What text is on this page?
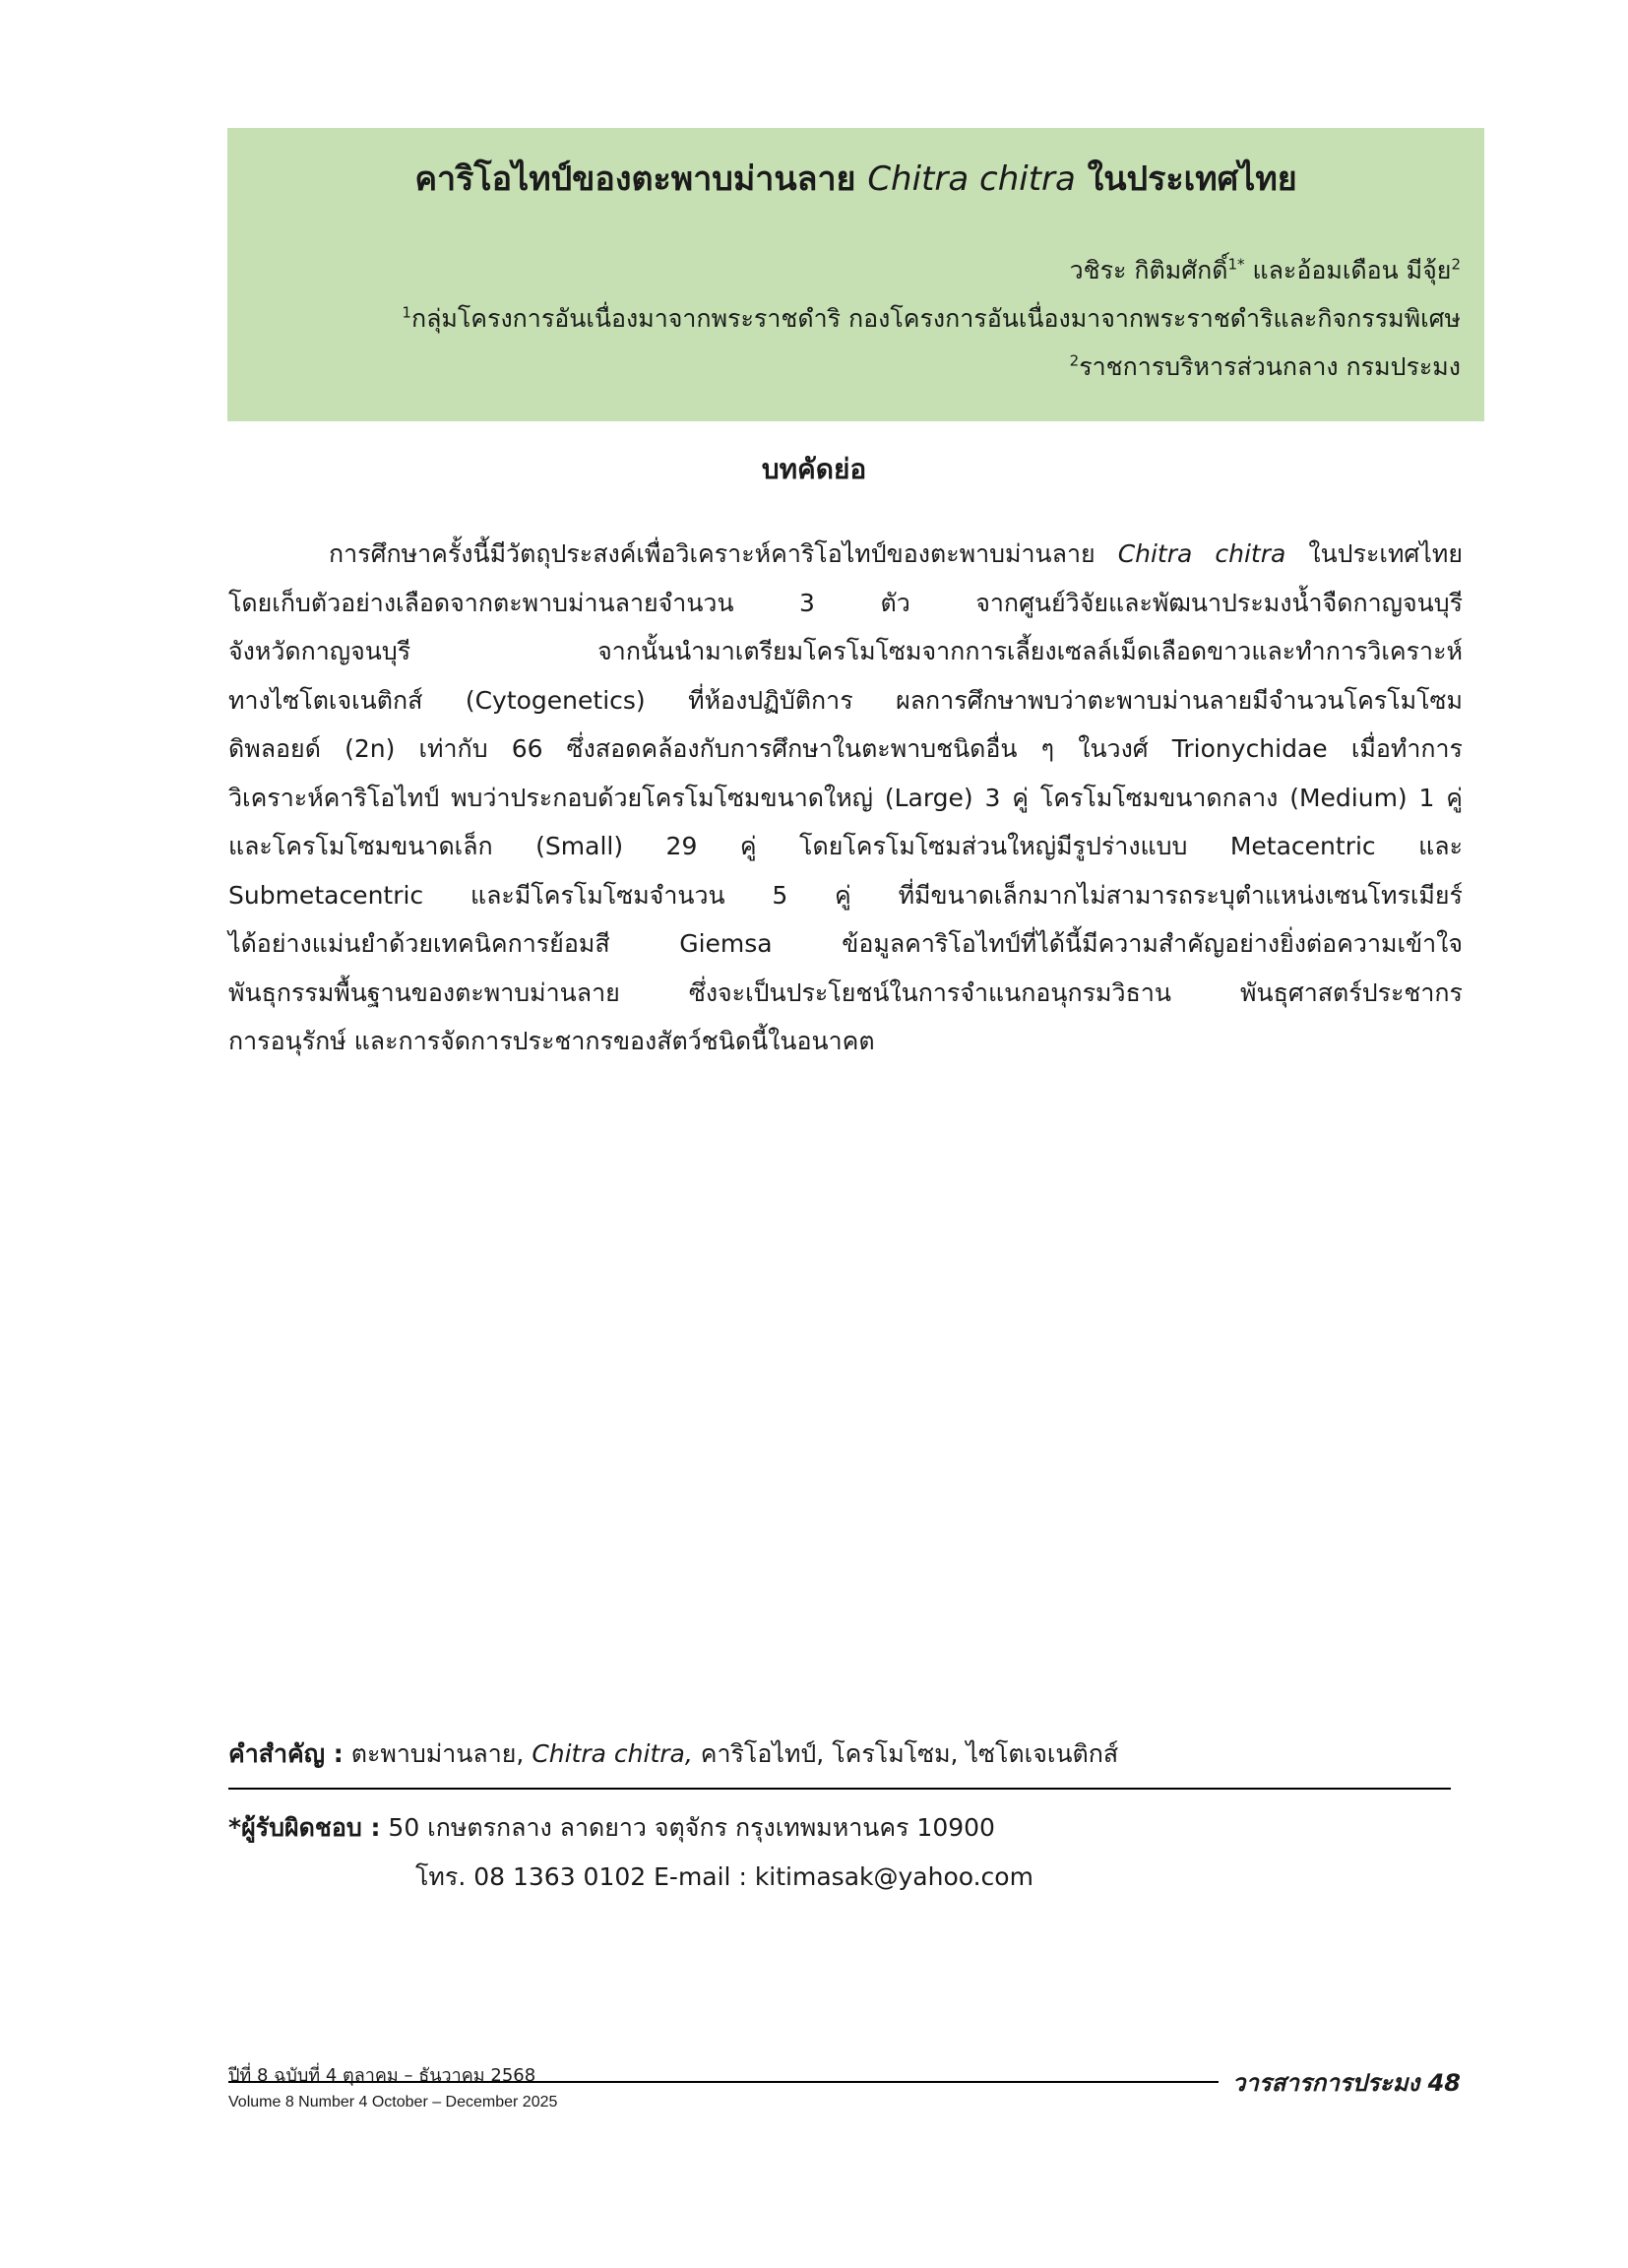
คาริโอไทป์ของตะพาบม่านลาย Chitra chitra ในประเทศไทย
วชิระ กิติมศักดิ์$^{1*}$ และอ้อมเดือน มีจุ้ย$^2$
$^1$กลุ่มโครงการอันเนื่องมาจากพระราชดำริ กองโครงการอันเนื่องมาจากพระราชดำริและกิจกรรมพิเศษ
$^2$ราชการบริหารส่วนกลาง กรมประมง
บทคัดย่อ
การศึกษาครั้งนี้มีวัตถุประสงค์เพื่อวิเคราะห์คาริโอไทป์ของตะพาบม่านลาย Chitra chitra ในประเทศไทย
โดยเก็บตัวอย่างเลือดจากตะพาบม่านลายจำนวน 3 ตัว จากศูนย์วิจัยและพัฒนาประมงน้ำจืดกาญจนบุรี
จังหวัดกาญจนบุรี จากนั้นนำมาเตรียมโครโมโซมจากการเลี้ยงเซลล์เม็ดเลือดขาวและทำการวิเคราะห์
ทางไซโตเจเนติกส์ (Cytogenetics) ที่ห้องปฏิบัติการ ผลการศึกษาพบว่าตะพาบม่านลายมีจำนวนโครโมโซม
ดิพลอยด์ (2n) เท่ากับ 66 ซึ่งสอดคล้องกับการศึกษาในตะพาบชนิดอื่น ๆ ในวงศ์ Trionychidae เมื่อทำการ
วิเคราะห์คาริโอไทป์ พบว่าประกอบด้วยโครโมโซมขนาดใหญ่ (Large) 3 คู่ โครโมโซมขนาดกลาง (Medium) 1 คู่
และโครโมโซมขนาดเล็ก (Small) 29 คู่ โดยโครโมโซมส่วนใหญ่มีรูปร่างแบบ Metacentric และ
Submetacentric และมีโครโมโซมจำนวน 5 คู่ ที่มีขนาดเล็กมากไม่สามารถระบุตำแหน่งเซนโทรเมียร์
ได้อย่างแม่นยำด้วยเทคนิคการย้อมสี Giemsa ข้อมูลคาริโอไทป์ที่ได้นี้มีความสำคัญอย่างยิ่งต่อความเข้าใจ
พันธุกรรมพื้นฐานของตะพาบม่านลาย ซึ่งจะเป็นประโยชน์ในการจำแนกอนุกรมวิธาน พันธุศาสตร์ประชากร
การอนุรักษ์ และการจัดการประชากรของสัตว์ชนิดนี้ในอนาคต
คำสำคัญ : ตะพาบม่านลาย, Chitra chitra, คาริโอไทป์, โครโมโซม, ไซโตเจเนติกส์
*ผู้รับผิดชอบ : 50 เกษตรกลาง ลาดยาว จตุจักร กรุงเทพมหานคร 10900
โทร. 08 1363 0102 E-mail : kitimasak@yahoo.com
ปีที่ 8 ฉบับที่ 4 ตุลาคม – ธันวาคม 2568
Volume 8 Number 4 October – December 2025
วารสารการประมง 48
